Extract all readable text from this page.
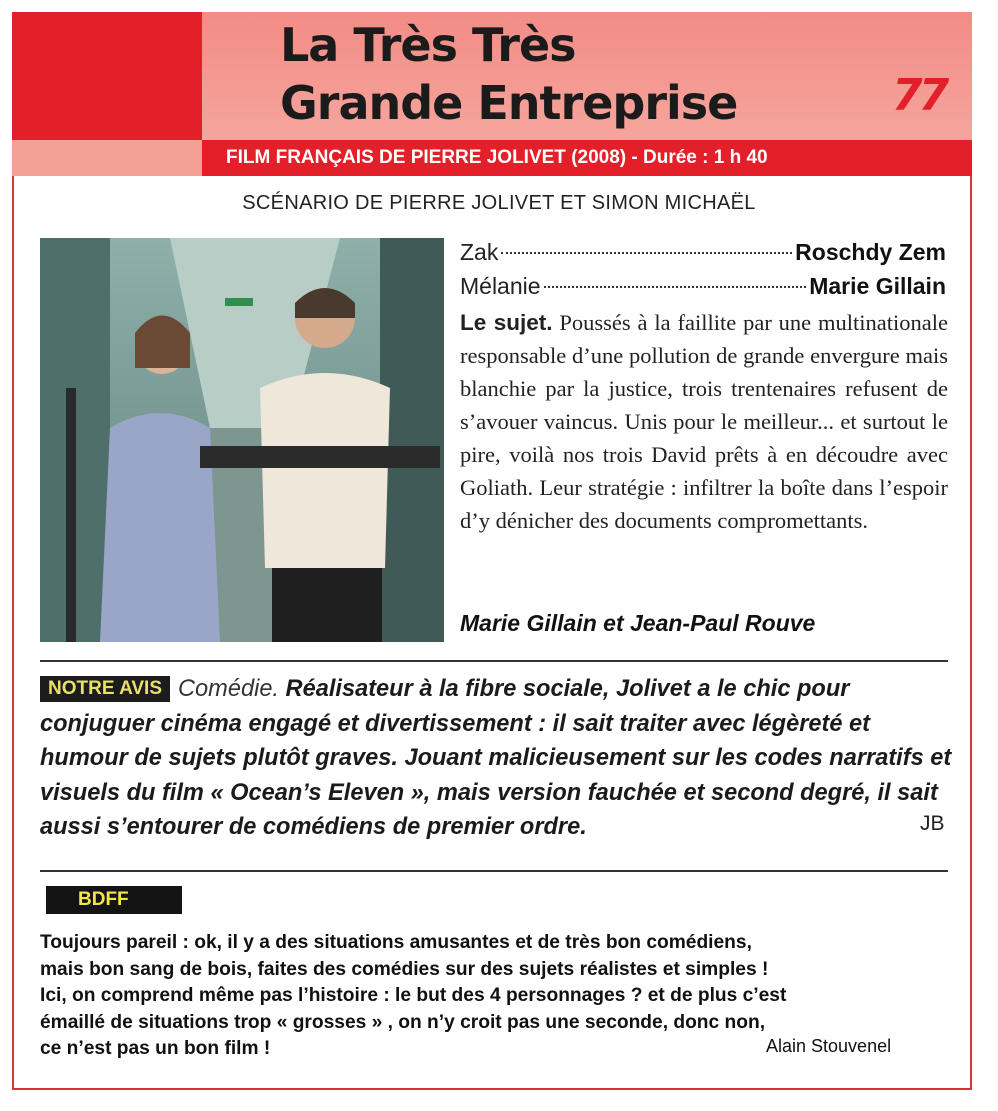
La Très Très
Grande Entreprise	77
FILM FRANÇAIS DE PIERRE JOLIVET (2008) - Durée : 1 h 40
SCÉNARIO DE PIERRE JOLIVET ET SIMON MICHAËL
Zak	Roschdy Zem
Mélanie	Marie Gillain

Le sujet. Poussés à la faillite par une multinationale responsable d’une pollution de grande envergure mais blanchie par la justice, trois trentenaires refusent de s’avouer vaincus. Unis pour le meilleur... et surtout le pire, voilà nos trois David prêts à en découdre avec Goliath. Leur stratégie : infiltrer la boîte dans l’espoir d’y dénicher des documents compromettants.

Marie Gillain et Jean-Paul Rouve

NOTRE AVIS Comédie. Réalisateur à la fibre sociale, Jolivet a le chic pour conjuguer cinéma engagé et divertissement : il sait traiter avec légèreté et humour de sujets plutôt graves. Jouant malicieusement sur les codes narratifs et visuels du film « Ocean’s Eleven », mais version fauchée et second degré, il sait aussi s’entourer de comédiens de premier ordre.	JB
BDFF

Toujours pareil : ok, il y a des situations amusantes et de très bon comédiens,
mais bon sang de bois, faites des comédies sur des sujets réalistes et simples !
Ici, on comprend même pas l’histoire : le but des 4 personnages ? et de plus c’est
émaillé de situations trop « grosses » , on n’y croit pas une seconde, donc non,
ce n’est pas un bon film !	Alain Stouvenel
